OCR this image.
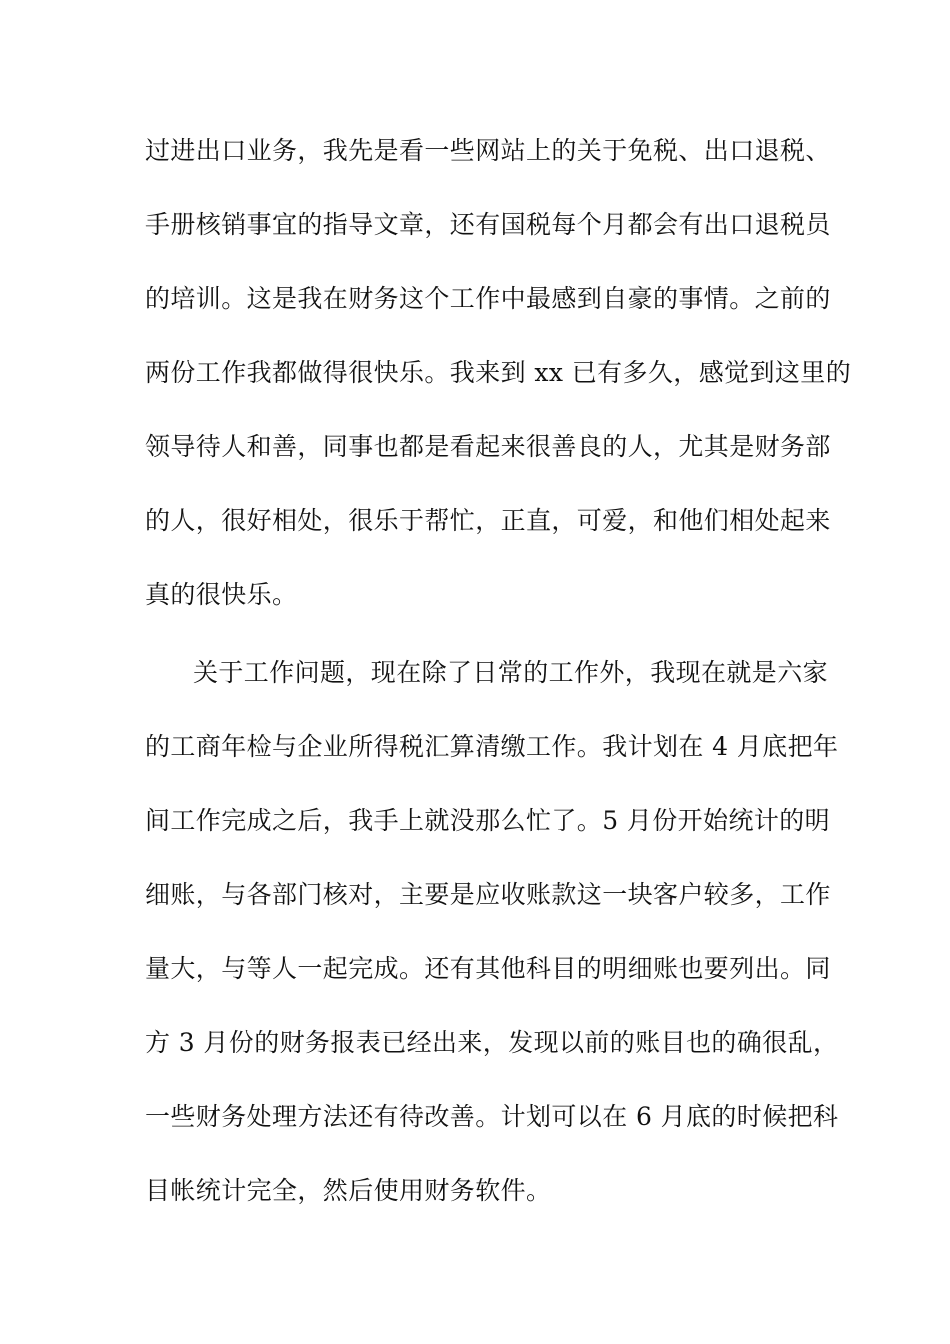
过进出口业务，我先是看一些网站上的关于免税、出口退税、
手册核销事宜的指导文章，还有国税每个月都会有出口退税员
的培训。这是我在财务这个工作中最感到自豪的事情。之前的
两份工作我都做得很快乐。我来到 xx 已有多久，感觉到这里的
领导待人和善，同事也都是看起来很善良的人，尤其是财务部
的人，很好相处，很乐于帮忙，正直，可爱，和他们相处起来
真的很快乐。
关于工作问题，现在除了日常的工作外，我现在就是六家
的工商年检与企业所得税汇算清缴工作。我计划在 4 月底把年
间工作完成之后，我手上就没那么忙了。5 月份开始统计的明
细账，与各部门核对，主要是应收账款这一块客户较多，工作
量大，与等人一起完成。还有其他科目的明细账也要列出。同
方 3 月份的财务报表已经出来，发现以前的账目也的确很乱，
一些财务处理方法还有待改善。计划可以在 6 月底的时候把科
目帐统计完全，然后使用财务软件。
